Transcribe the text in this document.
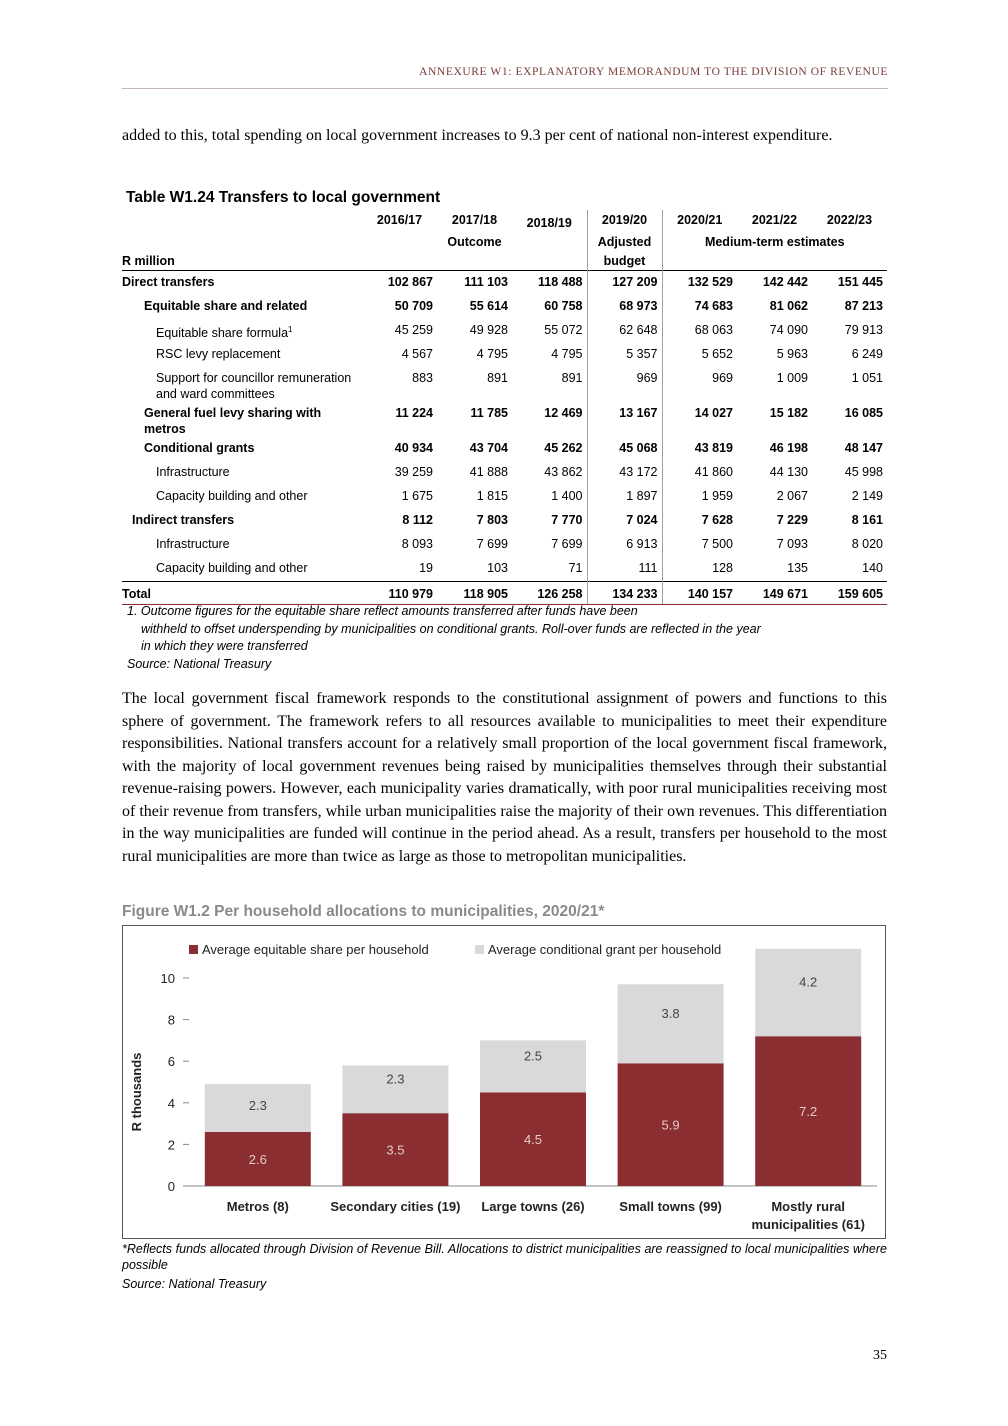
ANNEXURE W1: EXPLANATORY MEMORANDUM TO THE DIVISION OF REVENUE
added to this, total spending on local government increases to 9.3 per cent of national non-interest expenditure.
Table W1.24 Transfers to local government
	2016/17	2017/18	2018/19	2019/20	2020/21	2021/22	2022/23
		Outcome		Adjusted	Medium-term estimates		
R million				budget			
Direct transfers	102 867	111 103	118 488	127 209	132 529	142 442	151 445
Equitable share and related	50 709	55 614	60 758	68 973	74 683	81 062	87 213
Equitable share formula$^1$	45 259	49 928	55 072	62 648	68 063	74 090	79 913
RSC levy replacement	4 567	4 795	4 795	5 357	5 652	5 963	6 249
Support for councillor remuneration and ward committees	883	891	891	969	969	1 009	1 051
General fuel levy sharing with metros	11 224	11 785	12 469	13 167	14 027	15 182	16 085
Conditional grants	40 934	43 704	45 262	45 068	43 819	46 198	48 147
Infrastructure	39 259	41 888	43 862	43 172	41 860	44 130	45 998
Capacity building and other	1 675	1 815	1 400	1 897	1 959	2 067	2 149
Indirect transfers	8 112	7 803	7 770	7 024	7 628	7 229	8 161
Infrastructure	8 093	7 699	7 699	6 913	7 500	7 093	8 020
Capacity building and other	19	103	71	111	128	135	140
Total	110 979	118 905	126 258	134 233	140 157	149 671	159 605
1. Outcome figures for the equitable share reflect amounts transferred after funds have been
withheld to offset underspending by municipalities on conditional grants. Roll-over funds are reflected in the year
in which they were transferred
Source: National Treasury
The local government fiscal framework responds to the constitutional assignment of powers and functions to this sphere of government. The framework refers to all resources available to municipalities to meet their expenditure responsibilities. National transfers account for a relatively small proportion of the local government fiscal framework, with the majority of local government revenues being raised by municipalities themselves through their substantial revenue-raising powers. However, each municipality varies dramatically, with poor rural municipalities receiving most of their revenue from transfers, while urban municipalities raise the majority of their own revenues. This differentiation in the way municipalities are funded will continue in the period ahead. As a result, transfers per household to the most rural municipalities are more than twice as large as those to metropolitan municipalities.
Figure W1.2 Per household allocations to municipalities, 2020/21*
0
2
4
6
8
10
R thousands
2.6
2.3
Metros (8)
3.5
2.3
Secondary cities (19)
4.5
2.5
Large towns (26)
5.9
3.8
Small towns (99)
7.2
4.2
Mostly rural
municipalities (61)
Average equitable share per household	Average conditional grant per household
*Reflects funds allocated through Division of Revenue Bill. Allocations to district municipalities are reassigned to local municipalities where possible
Source: National Treasury
35
